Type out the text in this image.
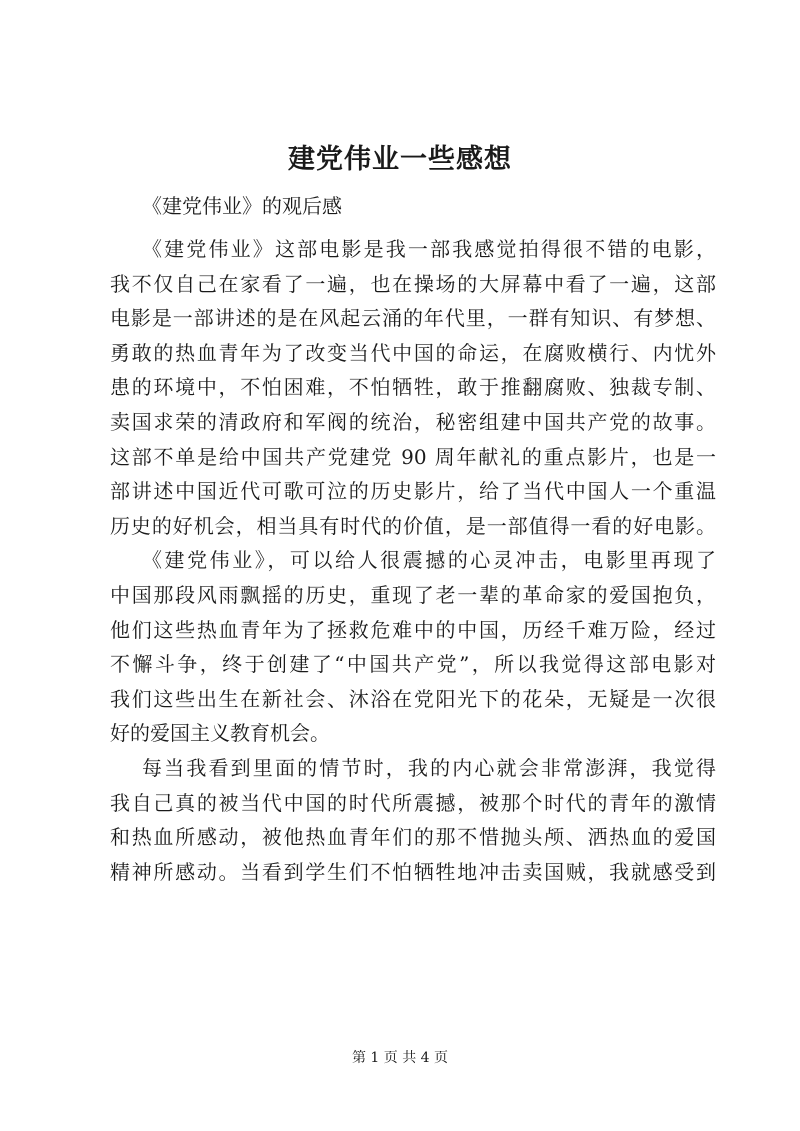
建党伟业一些感想
《建党伟业》的观后感
《建党伟业》这部电影是我一部我感觉拍得很不错的电影，
我不仅自己在家看了一遍，也在操场的大屏幕中看了一遍，这部
电影是一部讲述的是在风起云涌的年代里，一群有知识、有梦想、
勇敢的热血青年为了改变当代中国的命运，在腐败横行、内忧外
患的环境中，不怕困难，不怕牺牲，敢于推翻腐败、独裁专制、
卖国求荣的清政府和军阀的统治，秘密组建中国共产党的故事。
这部不单是给中国共产党建党 90 周年献礼的重点影片，也是一
部讲述中国近代可歌可泣的历史影片，给了当代中国人一个重温
历史的好机会，相当具有时代的价值，是一部值得一看的好电影。
《建党伟业》，可以给人很震撼的心灵冲击，电影里再现了
中国那段风雨飘摇的历史，重现了老一辈的革命家的爱国抱负，
他们这些热血青年为了拯救危难中的中国，历经千难万险，经过
不懈斗争，终于创建了“中国共产党”，所以我觉得这部电影对
我们这些出生在新社会、沐浴在党阳光下的花朵，无疑是一次很
好的爱国主义教育机会。
每当我看到里面的情节时，我的内心就会非常澎湃，我觉得
我自己真的被当代中国的时代所震撼，被那个时代的青年的激情
和热血所感动，被他热血青年们的那不惜抛头颅、洒热血的爱国
精神所感动。当看到学生们不怕牺牲地冲击卖国贼，我就感受到
第 1 页 共 4 页
